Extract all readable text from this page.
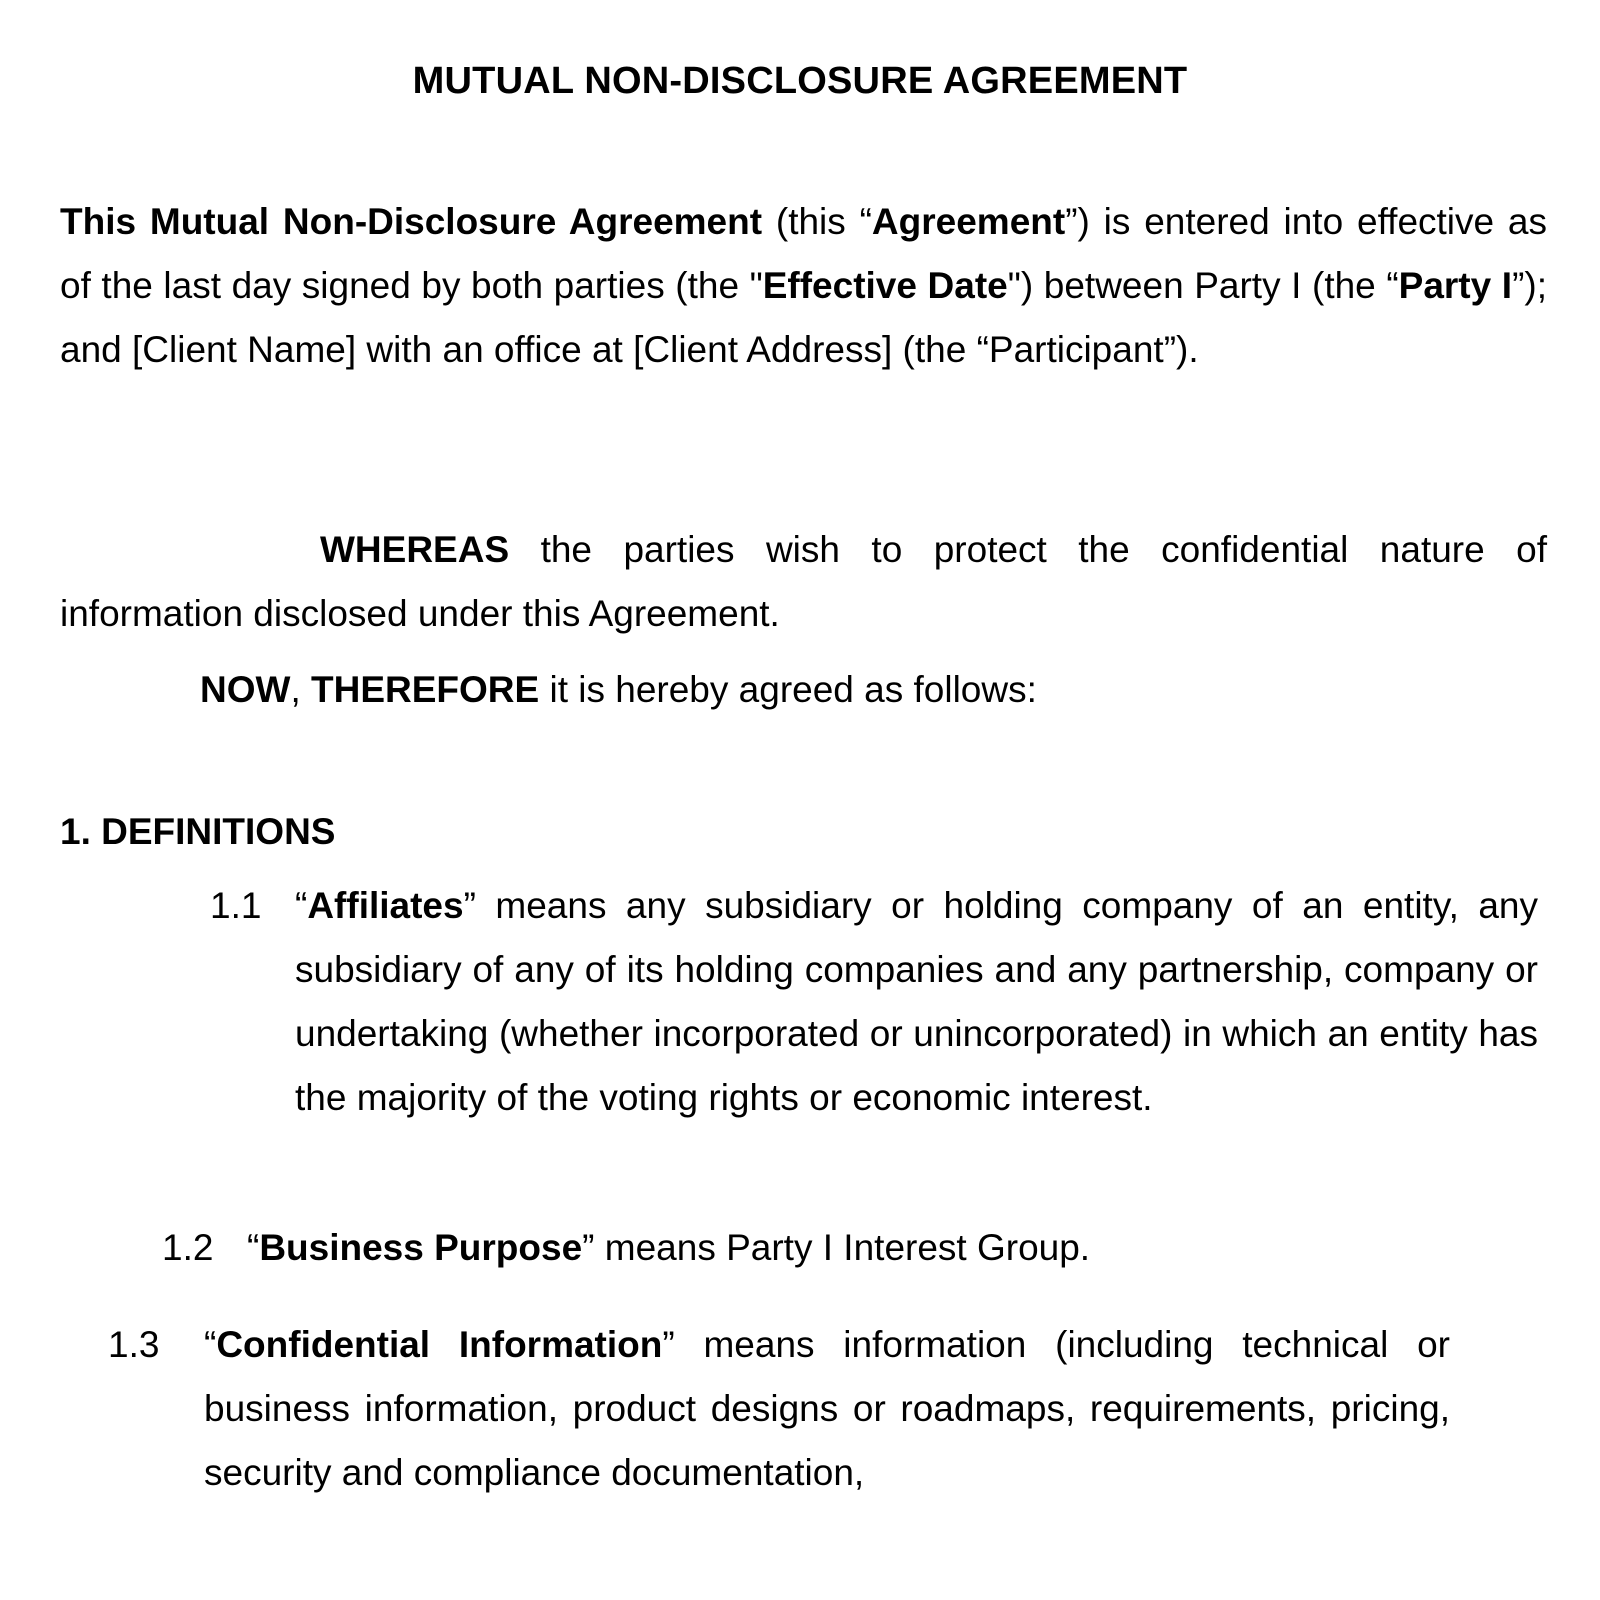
MUTUAL NON-DISCLOSURE AGREEMENT
This Mutual Non-Disclosure Agreement (this “Agreement”) is entered into effective as of the last day signed by both parties (the "Effective Date") between Party I (the “Party I”); and [Client Name] with an office at [Client Address] (the “Participant”).
WHEREAS the parties wish to protect the confidential nature of information disclosed under this Agreement.
NOW, THEREFORE it is hereby agreed as follows:
1. DEFINITIONS
1.1 “Affiliates” means any subsidiary or holding company of an entity, any subsidiary of any of its holding companies and any partnership, company or undertaking (whether incorporated or unincorporated) in which an entity has the majority of the voting rights or economic interest.
1.2 “Business Purpose” means Party I Interest Group.
1.3 “Confidential Information” means information (including technical or business information, product designs or roadmaps, requirements, pricing, security and compliance documentation,
